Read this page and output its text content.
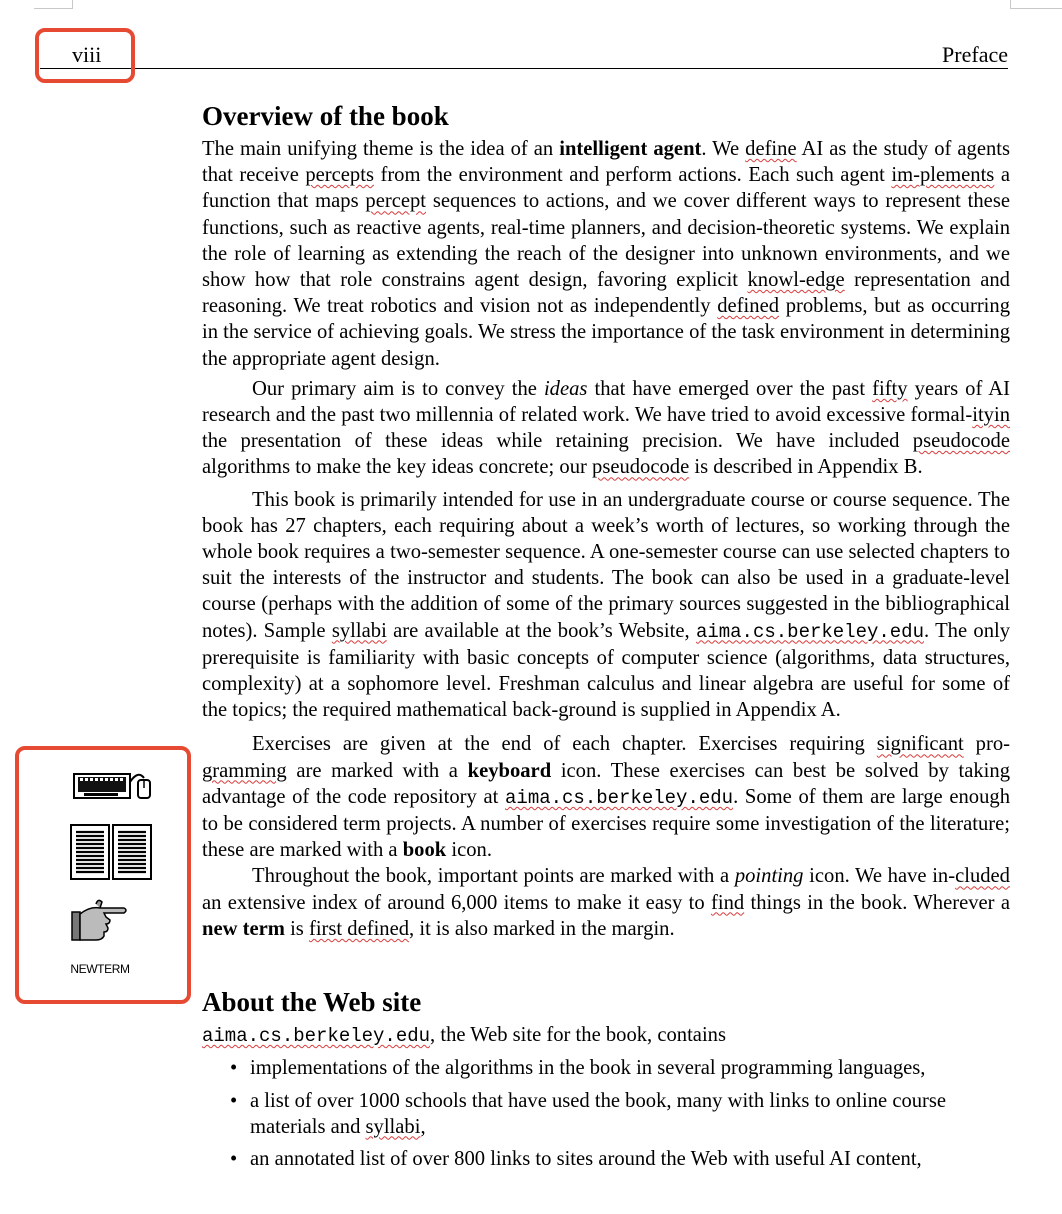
viii	Preface
Overview of the book

The main unifying theme is the idea of an intelligent agent. We define AI as the study of agents that receive percepts from the environment and perform actions. Each such agent im-plements a function that maps percept sequences to actions, and we cover different ways to represent these functions, such as reactive agents, real-time planners, and decision-theoretic systems. We explain the role of learning as extending the reach of the designer into unknown environments, and we show how that role constrains agent design, favoring explicit knowl-edge representation and reasoning. We treat robotics and vision not as independently defined problems, but as occurring in the service of achieving goals. We stress the importance of the task environment in determining the appropriate agent design.

Our primary aim is to convey the ideas that have emerged over the past fifty years of AI research and the past two millennia of related work. We have tried to avoid excessive formal-ityin the presentation of these ideas while retaining precision. We have included pseudocode algorithms to make the key ideas concrete; our pseudocode is described in Appendix B.

This book is primarily intended for use in an undergraduate course or course sequence. The book has 27 chapters, each requiring about a week’s worth of lectures, so working through the whole book requires a two-semester sequence. A one-semester course can use selected chapters to suit the interests of the instructor and students. The book can also be used in a graduate-level course (perhaps with the addition of some of the primary sources suggested in the bibliographical notes). Sample syllabi are available at the book’s Website, aima.cs.berkeley.edu. The only prerequisite is familiarity with basic concepts of computer science (algorithms, data structures, complexity) at a sophomore level. Freshman calculus and linear algebra are useful for some of the topics; the required mathematical back-ground is supplied in Appendix A.

Exercises are given at the end of each chapter. Exercises requiring significant pro-gramming are marked with a keyboard icon. These exercises can best be solved by taking advantage of the code repository at aima.cs.berkeley.edu. Some of them are large enough to be considered term projects. A number of exercises require some investigation of the literature; these are marked with a book icon.

Throughout the book, important points are marked with a pointing icon. We have in-cluded an extensive index of around 6,000 items to make it easy to find things in the book. Wherever a new term is first defined, it is also marked in the margin.

About the Web site

aima.cs.berkeley.edu, the Web site for the book, contains

• implementations of the algorithms in the book in several programming languages,
• a list of over 1000 schools that have used the book, many with links to online course materials and syllabi,
• an annotated list of over 800 links to sites around the Web with useful AI content,
NEWTERM
